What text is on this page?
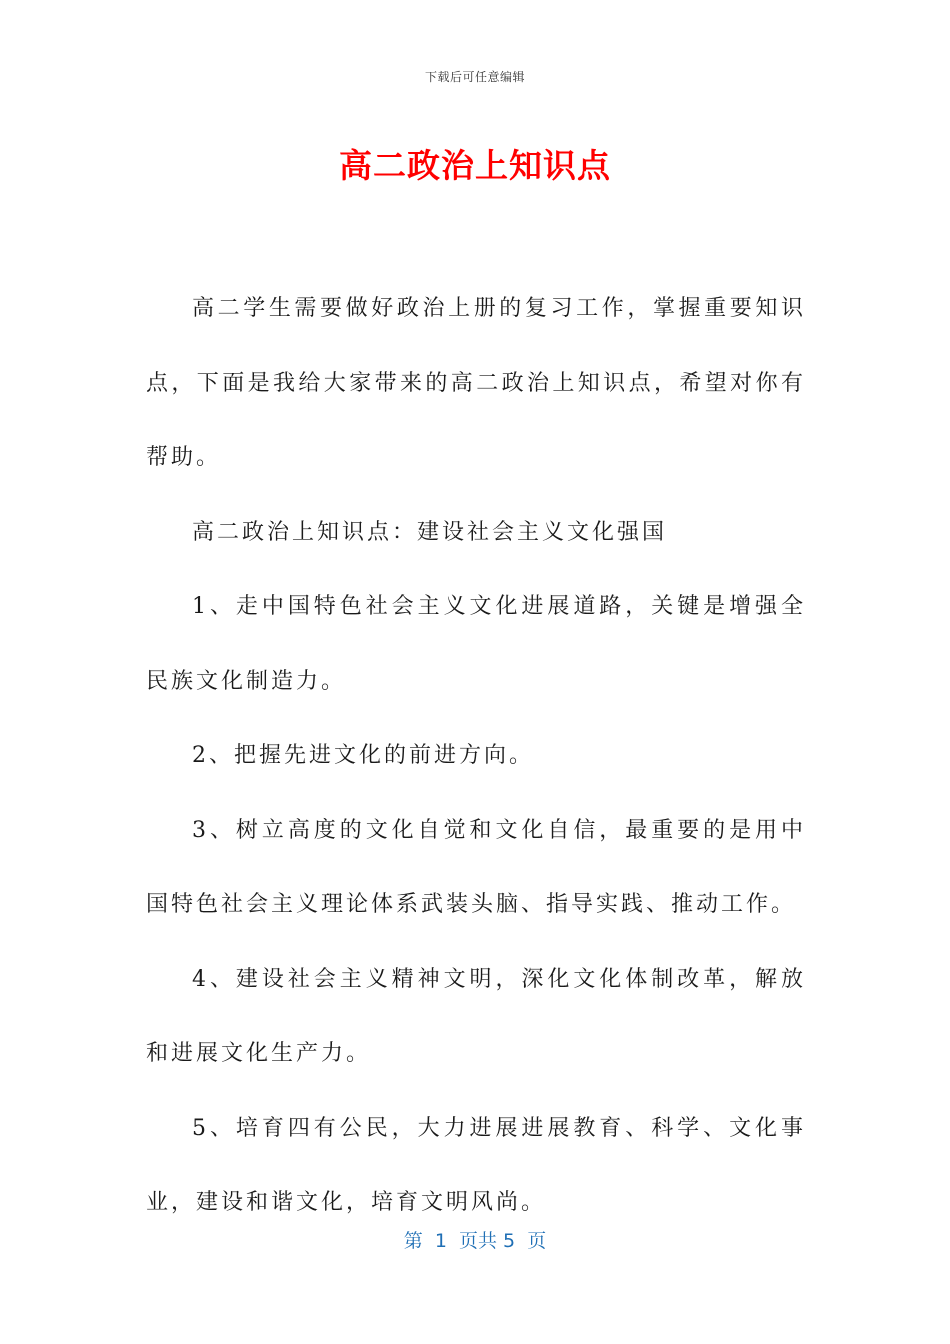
下载后可任意编辑
高二政治上知识点

高二学生需要做好政治上册的复习工作，掌握重要知识点，下面是我给大家带来的高二政治上知识点，希望对你有帮助。

高二政治上知识点：建设社会主义文化强国

1、走中国特色社会主义文化进展道路，关键是增强全民族文化制造力。

2、把握先进文化的前进方向。

3、树立高度的文化自觉和文化自信，最重要的是用中国特色社会主义理论体系武装头脑、指导实践、推动工作。

4、建设社会主义精神文明，深化文化体制改革，解放和进展文化生产力。

5、培育四有公民，大力进展进展教育、科学、文化事业，建设和谐文化，培育文明风尚。

第  1  页共 5  页
